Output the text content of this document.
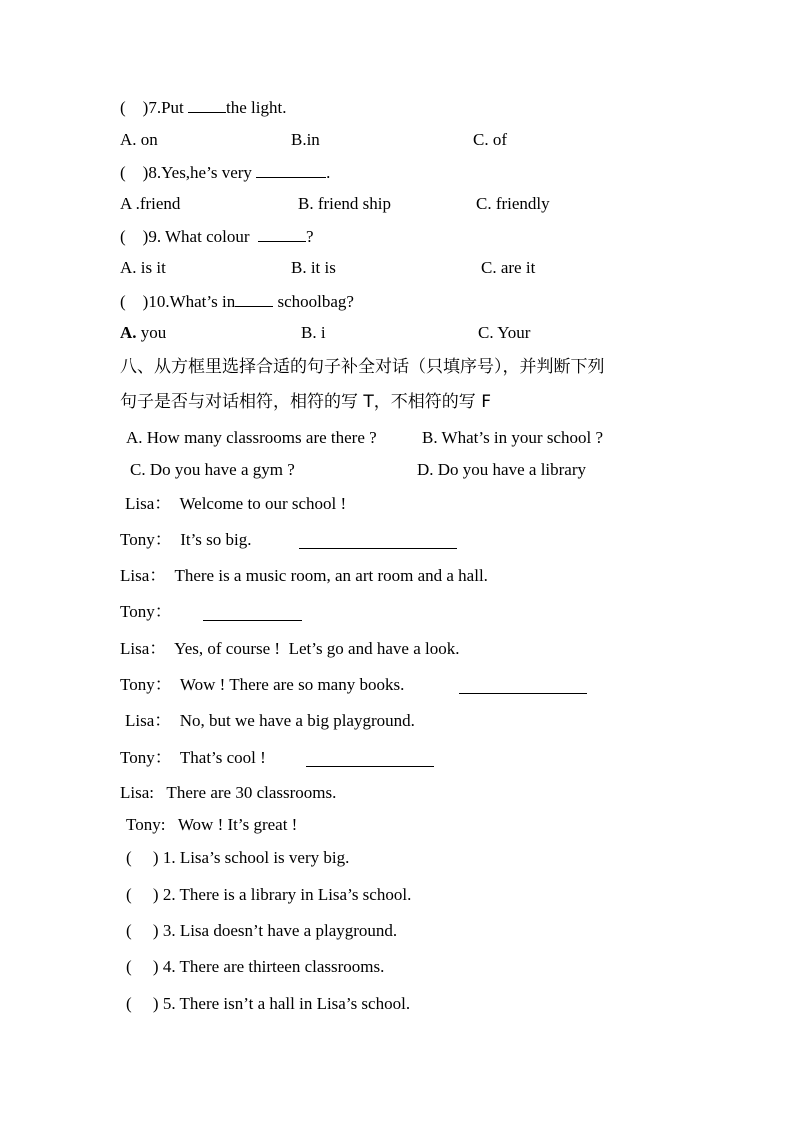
(    )7.Put the light.
A. on	B.in	C. of
(    )8.Yes,he’s very	.
A .friend	B. friend ship	C. friendly
(    )9. What colour	?
A. is it	B. it is	C. are it
(    )10.What’s in schoolbag?
A. you	B. i	C. Your
八、从方框里选择合适的句子补全对话（只填序号），并判断下列
句子是否与对话相符，相符的写 T，不相符的写 F
A. How many classrooms are there ?	B. What’s in your school ?
C. Do you have a gym ?	D. Do you have a library
Lisa：  Welcome to our school !
Tony：  It’s so big.
Lisa：  There is a music room, an art room and a hall.
Tony：
Lisa：  Yes, of course !  Let’s go and have a look.
Tony：  Wow ! There are so many books.
Lisa：  No, but we have a big playground.
Tony：  That’s cool !
Lisa:   There are 30 classrooms.
Tony:   Wow ! It’s great !
(     ) 1. Lisa’s school is very big.
(     ) 2. There is a library in Lisa’s school.
(     ) 3. Lisa doesn’t have a playground.
(     ) 4. There are thirteen classrooms.
(     ) 5. There isn’t a hall in Lisa’s school.
